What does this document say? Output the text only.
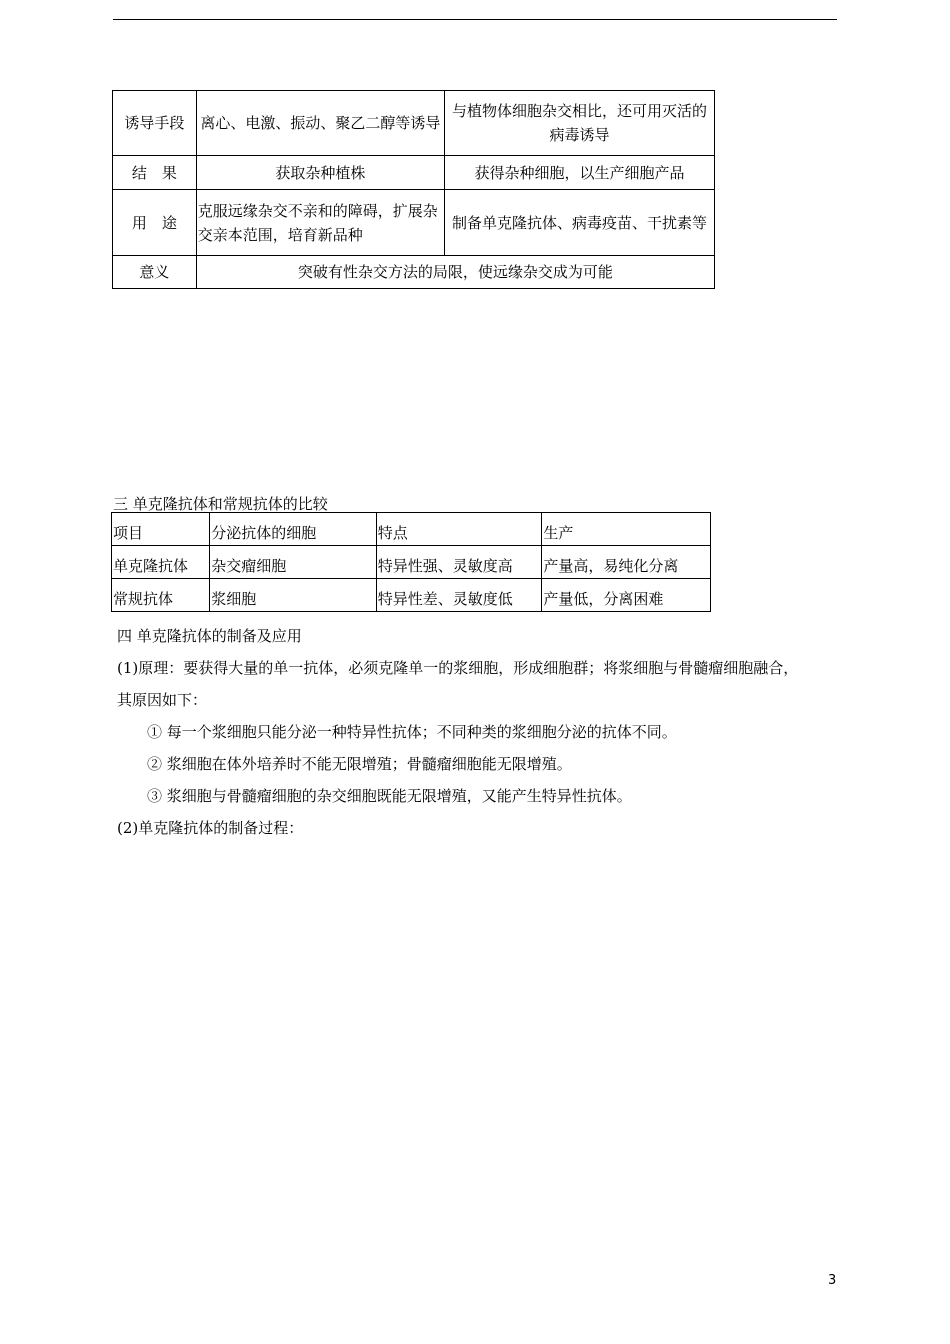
诱导手段	离心、电激、振动、聚乙二醇等诱导	与植物体细胞杂交相比，还可用灭活的病毒诱导
结　果	获取杂种植株	获得杂种细胞，以生产细胞产品
用　途	克服远缘杂交不亲和的障碍，扩展杂交亲本范围，培育新品种	制备单克隆抗体、病毒疫苗、干扰素等
意义	突破有性杂交方法的局限，使远缘杂交成为可能	
三 单克隆抗体和常规抗体的比较
项目	分泌抗体的细胞	特点	生产
单克隆抗体	杂交瘤细胞	特异性强、灵敏度高	产量高，易纯化分离
常规抗体	浆细胞	特异性差、灵敏度低	产量低，分离困难
四 单克隆抗体的制备及应用
(1)原理：要获得大量的单一抗体，必须克隆单一的浆细胞，形成细胞群；将浆细胞与骨髓瘤细胞融合，
其原因如下：
① 每一个浆细胞只能分泌一种特异性抗体；不同种类的浆细胞分泌的抗体不同。
② 浆细胞在体外培养时不能无限增殖；骨髓瘤细胞能无限增殖。
③ 浆细胞与骨髓瘤细胞的杂交细胞既能无限增殖，又能产生特异性抗体。
(2)单克隆抗体的制备过程：
3
